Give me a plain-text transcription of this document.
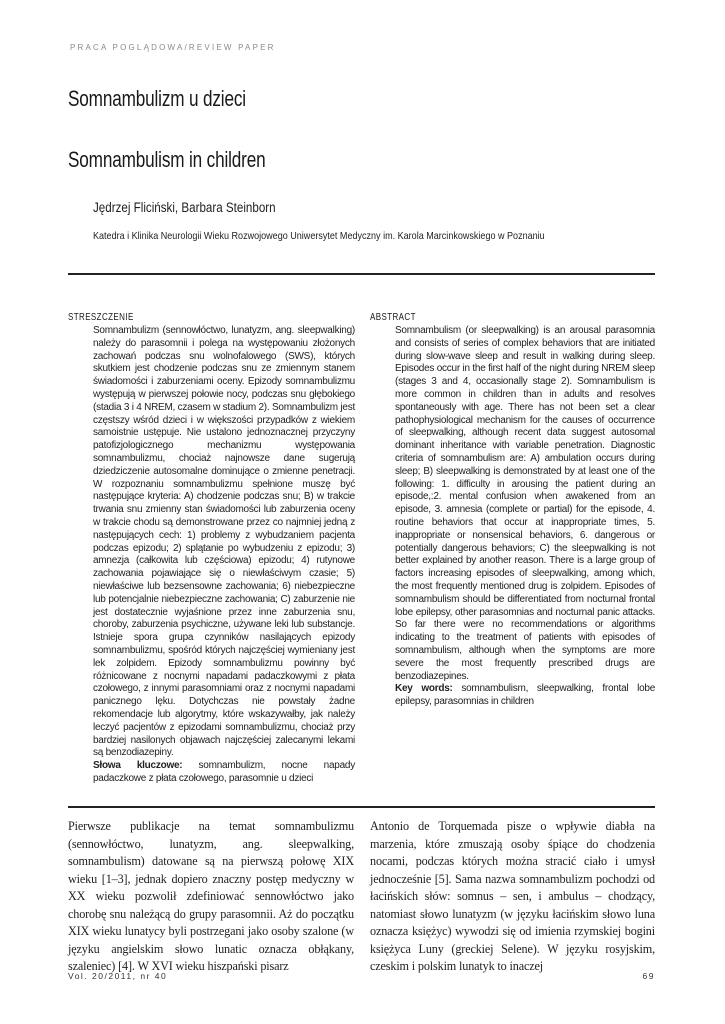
PRACA POGLĄDOWA/REVIEW PAPER
Somnambulizm u dzieci
Somnambulism in children
Jędrzej Fliciński, Barbara Steinborn
Katedra i Klinika Neurologii Wieku Rozwojowego Uniwersytet Medyczny im. Karola Marcinkowskiego w Poznaniu
STRESZCZENIE

Somnambulizm (sennowłóctwo, lunatyzm, ang. sleepwalking) należy do parasomnii i polega na występowaniu złożonych zachowań podczas snu wolnofalowego (SWS), których skutkiem jest chodzenie podczas snu ze zmiennym stanem świadomości i zaburzeniami oceny. Epizody somnambulizmu występują w pierwszej połowie nocy, podczas snu głębokiego (stadia 3 i 4 NREM, czasem w stadium 2). Somnambulizm jest częstszy wśród dzieci i w większości przypadków z wiekiem samoistnie ustępuje. Nie ustalono jednoznacznej przyczyny patofizjologicznego mechanizmu występowania somnambulizmu, chociaż najnowsze dane sugerują dziedziczenie autosomalne dominujące o zmienne penetracji. W rozpoznaniu somnambulizmu spełnione muszę być następujące kryteria: A) chodzenie podczas snu; B) w trakcie trwania snu zmienny stan świadomości lub zaburzenia oceny w trakcie chodu są demonstrowane przez co najmniej jedną z następujących cech: 1) problemy z wybudzaniem pacjenta podczas epizodu; 2) splątanie po wybudzeniu z epizodu; 3) amnezja (całkowita lub częściowa) epizodu; 4) rutynowe zachowania pojawiające się o niewłaściwym czasie; 5) niewłaściwe lub bezsensowne zachowania; 6) niebezpieczne lub potencjalnie niebezpieczne zachowania; C) zaburzenie nie jest dostatecznie wyjaśnione przez inne zaburzenia snu, choroby, zaburzenia psychiczne, używane leki lub substancje. Istnieje spora grupa czynników nasilających epizody somnambulizmu, spośród których najczęściej wymieniany jest lek zolpidem. Epizody somnambulizmu powinny być różnicowane z nocnymi napadami padaczkowymi z płata czołowego, z innymi parasomniami oraz z nocnymi napadami panicznego lęku. Dotychczas nie powstały żadne rekomendacje lub algorytmy, które wskazywałby, jak należy leczyć pacjentów z epizodami somnambulizmu, chociaż przy bardziej nasilonych objawach najczęściej zalecanymi lekami są benzodiazepiny.

Słowa kluczowe: somnambulizm, nocne napady padaczkowe z płata czołowego, parasomnie u dzieci

ABSTRACT

Somnambulism (or sleepwalking) is an arousal parasomnia and consists of series of complex behaviors that are initiated during slow-wave sleep and result in walking during sleep. Episodes occur in the first half of the night during NREM sleep (stages 3 and 4, occasionally stage 2). Somnambulism is more common in children than in adults and resolves spontaneously with age. There has not been set a clear pathophysiological mechanism for the causes of occurrence of sleepwalking, although recent data suggest autosomal dominant inheritance with variable penetration. Diagnostic criteria of somnambulism are: A) ambulation occurs during sleep; B) sleepwalking is demonstrated by at least one of the following: 1. difficulty in arousing the patient during an episode,:2. mental confusion when awakened from an episode, 3. amnesia (complete or partial) for the episode, 4. routine behaviors that occur at inappropriate times, 5. inappropriate or nonsensical behaviors, 6. dangerous or potentially dangerous behaviors; C) the sleepwalking is not better explained by another reason. There is a large group of factors increasing episodes of sleepwalking, among which, the most frequently mentioned drug is zolpidem. Episodes of somnambulism should be differentiated from nocturnal frontal lobe epilepsy, other parasomnias and nocturnal panic attacks. So far there were no recommendations or algorithms indicating to the treatment of patients with episodes of somnambulism, although when the symptoms are more severe the most frequently prescribed drugs are benzodiazepines.

Key words: somnambulism, sleepwalking, frontal lobe epilepsy, parasomnias in children

Pierwsze publikacje na temat somnambulizmu (sennowłóctwo, lunatyzm, ang. sleepwalking, somnambulism) datowane są na pierwszą połowę XIX wieku [1–3], jednak dopiero znaczny postęp medyczny w XX wieku pozwolił zdefiniować sennowłóctwo jako chorobę snu należącą do grupy parasomnii. Aż do początku XIX wieku lunatycy byli postrzegani jako osoby szalone (w języku angielskim słowo lunatic oznacza obłąkany, szaleniec) [4]. W XVI wieku hiszpański pisarz

Antonio de Torquemada pisze o wpływie diabła na marzenia, które zmuszają osoby śpiące do chodzenia nocami, podczas których można stracić ciało i umysł jednocześnie [5]. Sama nazwa somnambulizm pochodzi od łacińskich słów: somnus – sen, i ambulus – chodzący, natomiast słowo lunatyzm (w języku łacińskim słowo luna oznacza księżyc) wywodzi się od imienia rzymskiej bogini księżyca Luny (greckiej Selene). W języku rosyjskim, czeskim i polskim lunatyk to inaczej

Vol. 20/2011, nr 40	69
